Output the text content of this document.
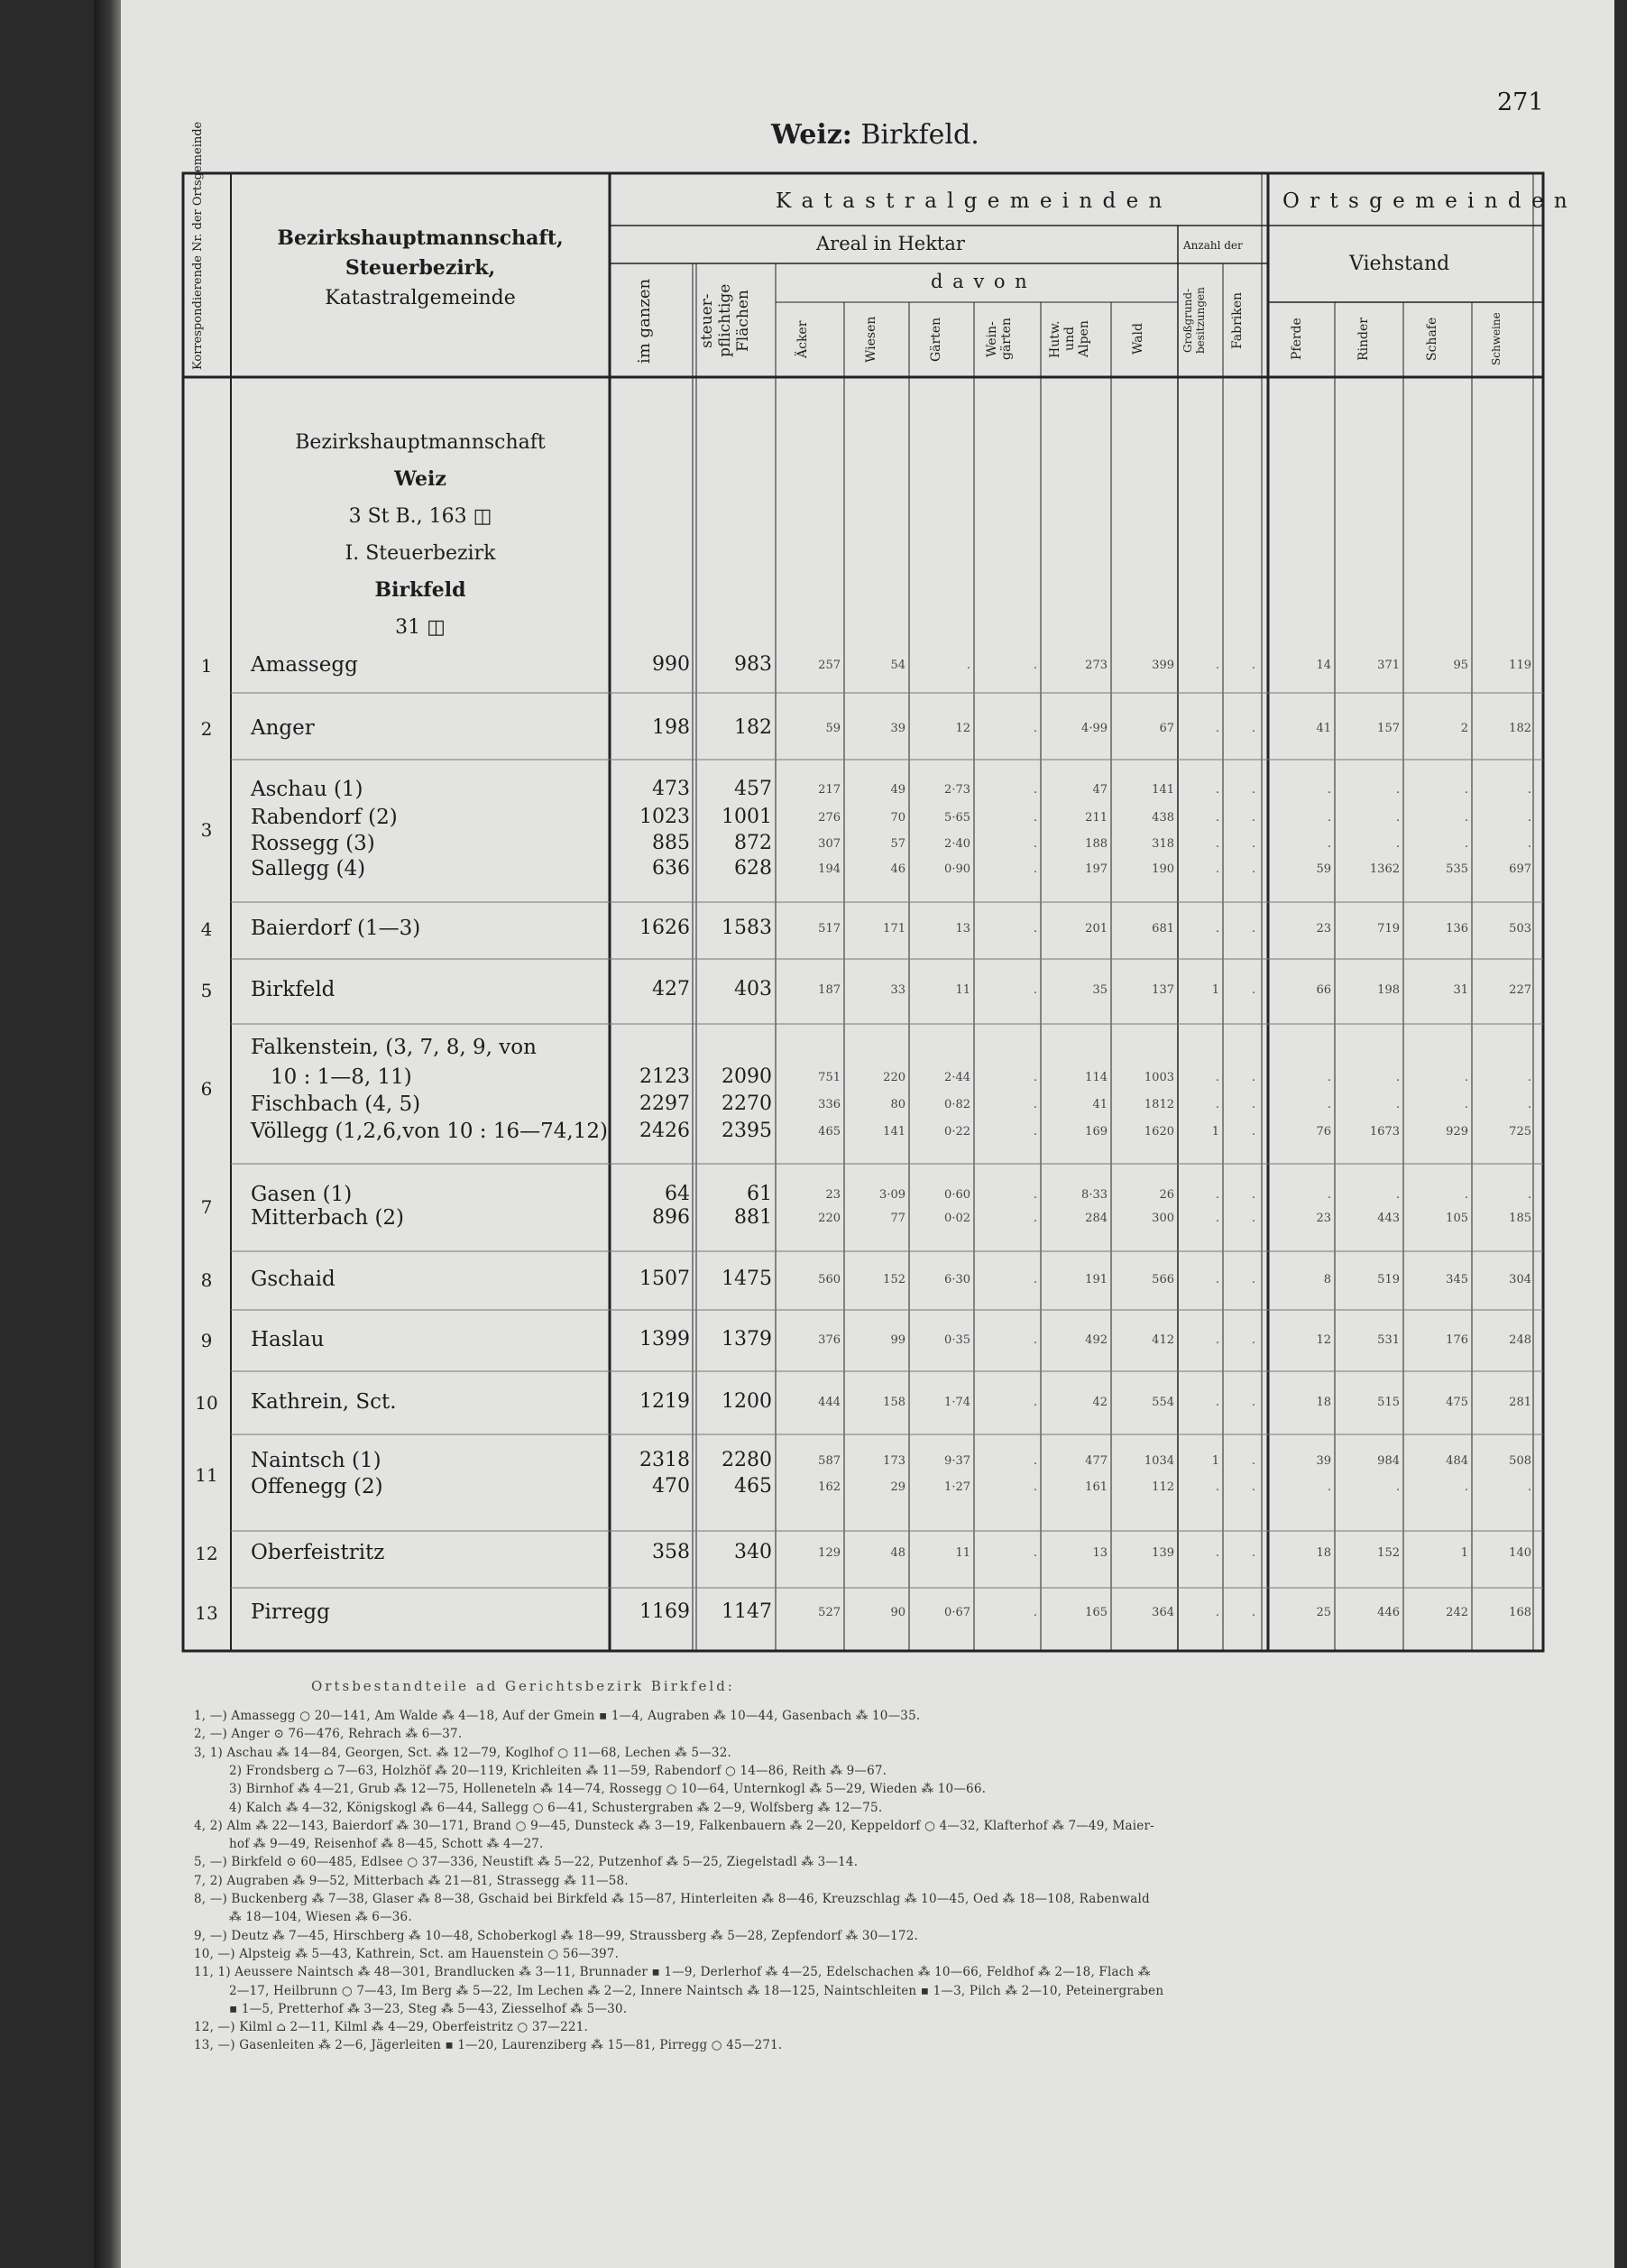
271
Weiz: Birkfeld.
Korrespondierende Nr. der Ortsgemeinde	Bezirkshauptmannschaft,
Steuerbezirk,
Katastralgemeinde
K a t a s t r a l g e m e i n d e n	O r t s g e m e i n d e n
Areal in Hektar	Anzahl der
d a v o n
Viehstand
im ganzen	steuer-pflichtige Flächen	Äcker	Wiesen	Gärten	Wein-gärten	Hutw. und Alpen	Wald	Großgrund-besitzungen	Fabriken	Pferde	Rinder	Schafe	Schweine
Bezirkshauptmannschaft
Weiz
3 St B., 163 ◫
I. Steuerbezirk
Birkfeld
31 ◫
1	Amassegg	990	983	257	54	.	.	273	399	.	.	14	371	95	119
2	Anger	198	182	59	39	12	.	4·99	67	.	.	41	157	2	182
3
Aschau (1)	473	457	217	49	2·73	.	47	141	.	.	.	.	.	.
Rabendorf (2)	1023	1001	276	70	5·65	.	211	438	.	.	.	.	.	.
Rossegg (3)	885	872	307	57	2·40	.	188	318	.	.	.	.	.	.
Sallegg (4)	636	628	194	46	0·90	.	197	190	.	.	59	1362	535	697
4	Baierdorf (1—3)	1626	1583	517	171	13	.	201	681	.	.	23	719	136	503
5	Birkfeld	427	403	187	33	11	.	35	137	1	.	66	198	31	227
6
Falkenstein, (3, 7, 8, 9, von
10 : 1—8, 11)	2123	2090	751	220	2·44	.	114	1003	.	.	.	.	.	.
Fischbach (4, 5)	2297	2270	336	80	0·82	.	41	1812	.	.	.	.	.	.
Völlegg (1,2,6,von 10 : 16—74,12)	2426	2395	465	141	0·22	.	169	1620	1	.	76	1673	929	725
7
Gasen (1)	64	61	23	3·09	0·60	.	8·33	26	.	.	.	.	.	.
Mitterbach (2)	896	881	220	77	0·02	.	284	300	.	.	23	443	105	185
8	Gschaid	1507	1475	560	152	6·30	.	191	566	.	.	8	519	345	304
9	Haslau	1399	1379	376	99	0·35	.	492	412	.	.	12	531	176	248
10 Kathrein, Sct.	1219	1200	444	158	1·74	.	42	554	.	.	18	515	475	281
11
Naintsch (1)	2318	2280	587	173	9·37	.	477	1034	1	.	39	984	484	508
Offenegg (2)	470	465	162	29	1·27	.	161	112	.	.	.	.	.	.
12 Oberfeistritz	358	340	129	48	11	.	13	139	.	.	18	152	1	140
13 Pirregg	1169	1147	527	90	0·67	.	165	364	.	.	25	446	242	168
Ortsbestandteile ad Gerichtsbezirk Birkfeld:
1, —) Amassegg ○ 20—141, Am Walde ⁂ 4—18, Auf der Gmein ▪ 1—4, Augraben ⁂ 10—44, Gasenbach ⁂ 10—35.
2, —) Anger ⊙ 76—476, Rehrach ⁂ 6—37.
3, 1) Aschau ⁂ 14—84, Georgen, Sct. ⁂ 12—79, Koglhof ○ 11—68, Lechen ⁂ 5—32.
2) Frondsberg ⌂ 7—63, Holzhöf ⁂ 20—119, Krichleiten ⁂ 11—59, Rabendorf ○ 14—86, Reith ⁂ 9—67.
3) Birnhof ⁂ 4—21, Grub ⁂ 12—75, Holleneteln ⁂ 14—74, Rossegg ○ 10—64, Unternkogl ⁂ 5—29, Wieden ⁂ 10—66.
4) Kalch ⁂ 4—32, Königskogl ⁂ 6—44, Sallegg ○ 6—41, Schustergraben ⁂ 2—9, Wolfsberg ⁂ 12—75.
4, 2) Alm ⁂ 22—143, Baierdorf ⁂ 30—171, Brand ○ 9—45, Dunsteck ⁂ 3—19, Falkenbauern ⁂ 2—20, Keppeldorf ○ 4—32, Klafterhof ⁂ 7—49, Maier-
hof ⁂ 9—49, Reisenhof ⁂ 8—45, Schott ⁂ 4—27.
5, —) Birkfeld ⊙ 60—485, Edlsee ○ 37—336, Neustift ⁂ 5—22, Putzenhof ⁂ 5—25, Ziegelstadl ⁂ 3—14.
7, 2) Augraben ⁂ 9—52, Mitterbach ⁂ 21—81, Strassegg ⁂ 11—58.
8, —) Buckenberg ⁂ 7—38, Glaser ⁂ 8—38, Gschaid bei Birkfeld ⁂ 15—87, Hinterleiten ⁂ 8—46, Kreuzschlag ⁂ 10—45, Oed ⁂ 18—108, Rabenwald
⁂ 18—104, Wiesen ⁂ 6—36.
9, —) Deutz ⁂ 7—45, Hirschberg ⁂ 10—48, Schoberkogl ⁂ 18—99, Straussberg ⁂ 5—28, Zepfendorf ⁂ 30—172.
10, —) Alpsteig ⁂ 5—43, Kathrein, Sct. am Hauenstein ○ 56—397.
11, 1) Aeussere Naintsch ⁂ 48—301, Brandlucken ⁂ 3—11, Brunnader ▪ 1—9, Derlerhof ⁂ 4—25, Edelschachen ⁂ 10—66, Feldhof ⁂ 2—18, Flach ⁂
2—17, Heilbrunn ○ 7—43, Im Berg ⁂ 5—22, Im Lechen ⁂ 2—2, Innere Naintsch ⁂ 18—125, Naintschleiten ▪ 1—3, Pilch ⁂ 2—10, Peteinergraben
▪ 1—5, Pretterhof ⁂ 3—23, Steg ⁂ 5—43, Ziesselhof ⁂ 5—30.
12, —) Kilml ⌂ 2—11, Kilml ⁂ 4—29, Oberfeistritz ○ 37—221.
13, —) Gasenleiten ⁂ 2—6, Jägerleiten ▪ 1—20, Laurenziberg ⁂ 15—81, Pirregg ○ 45—271.
